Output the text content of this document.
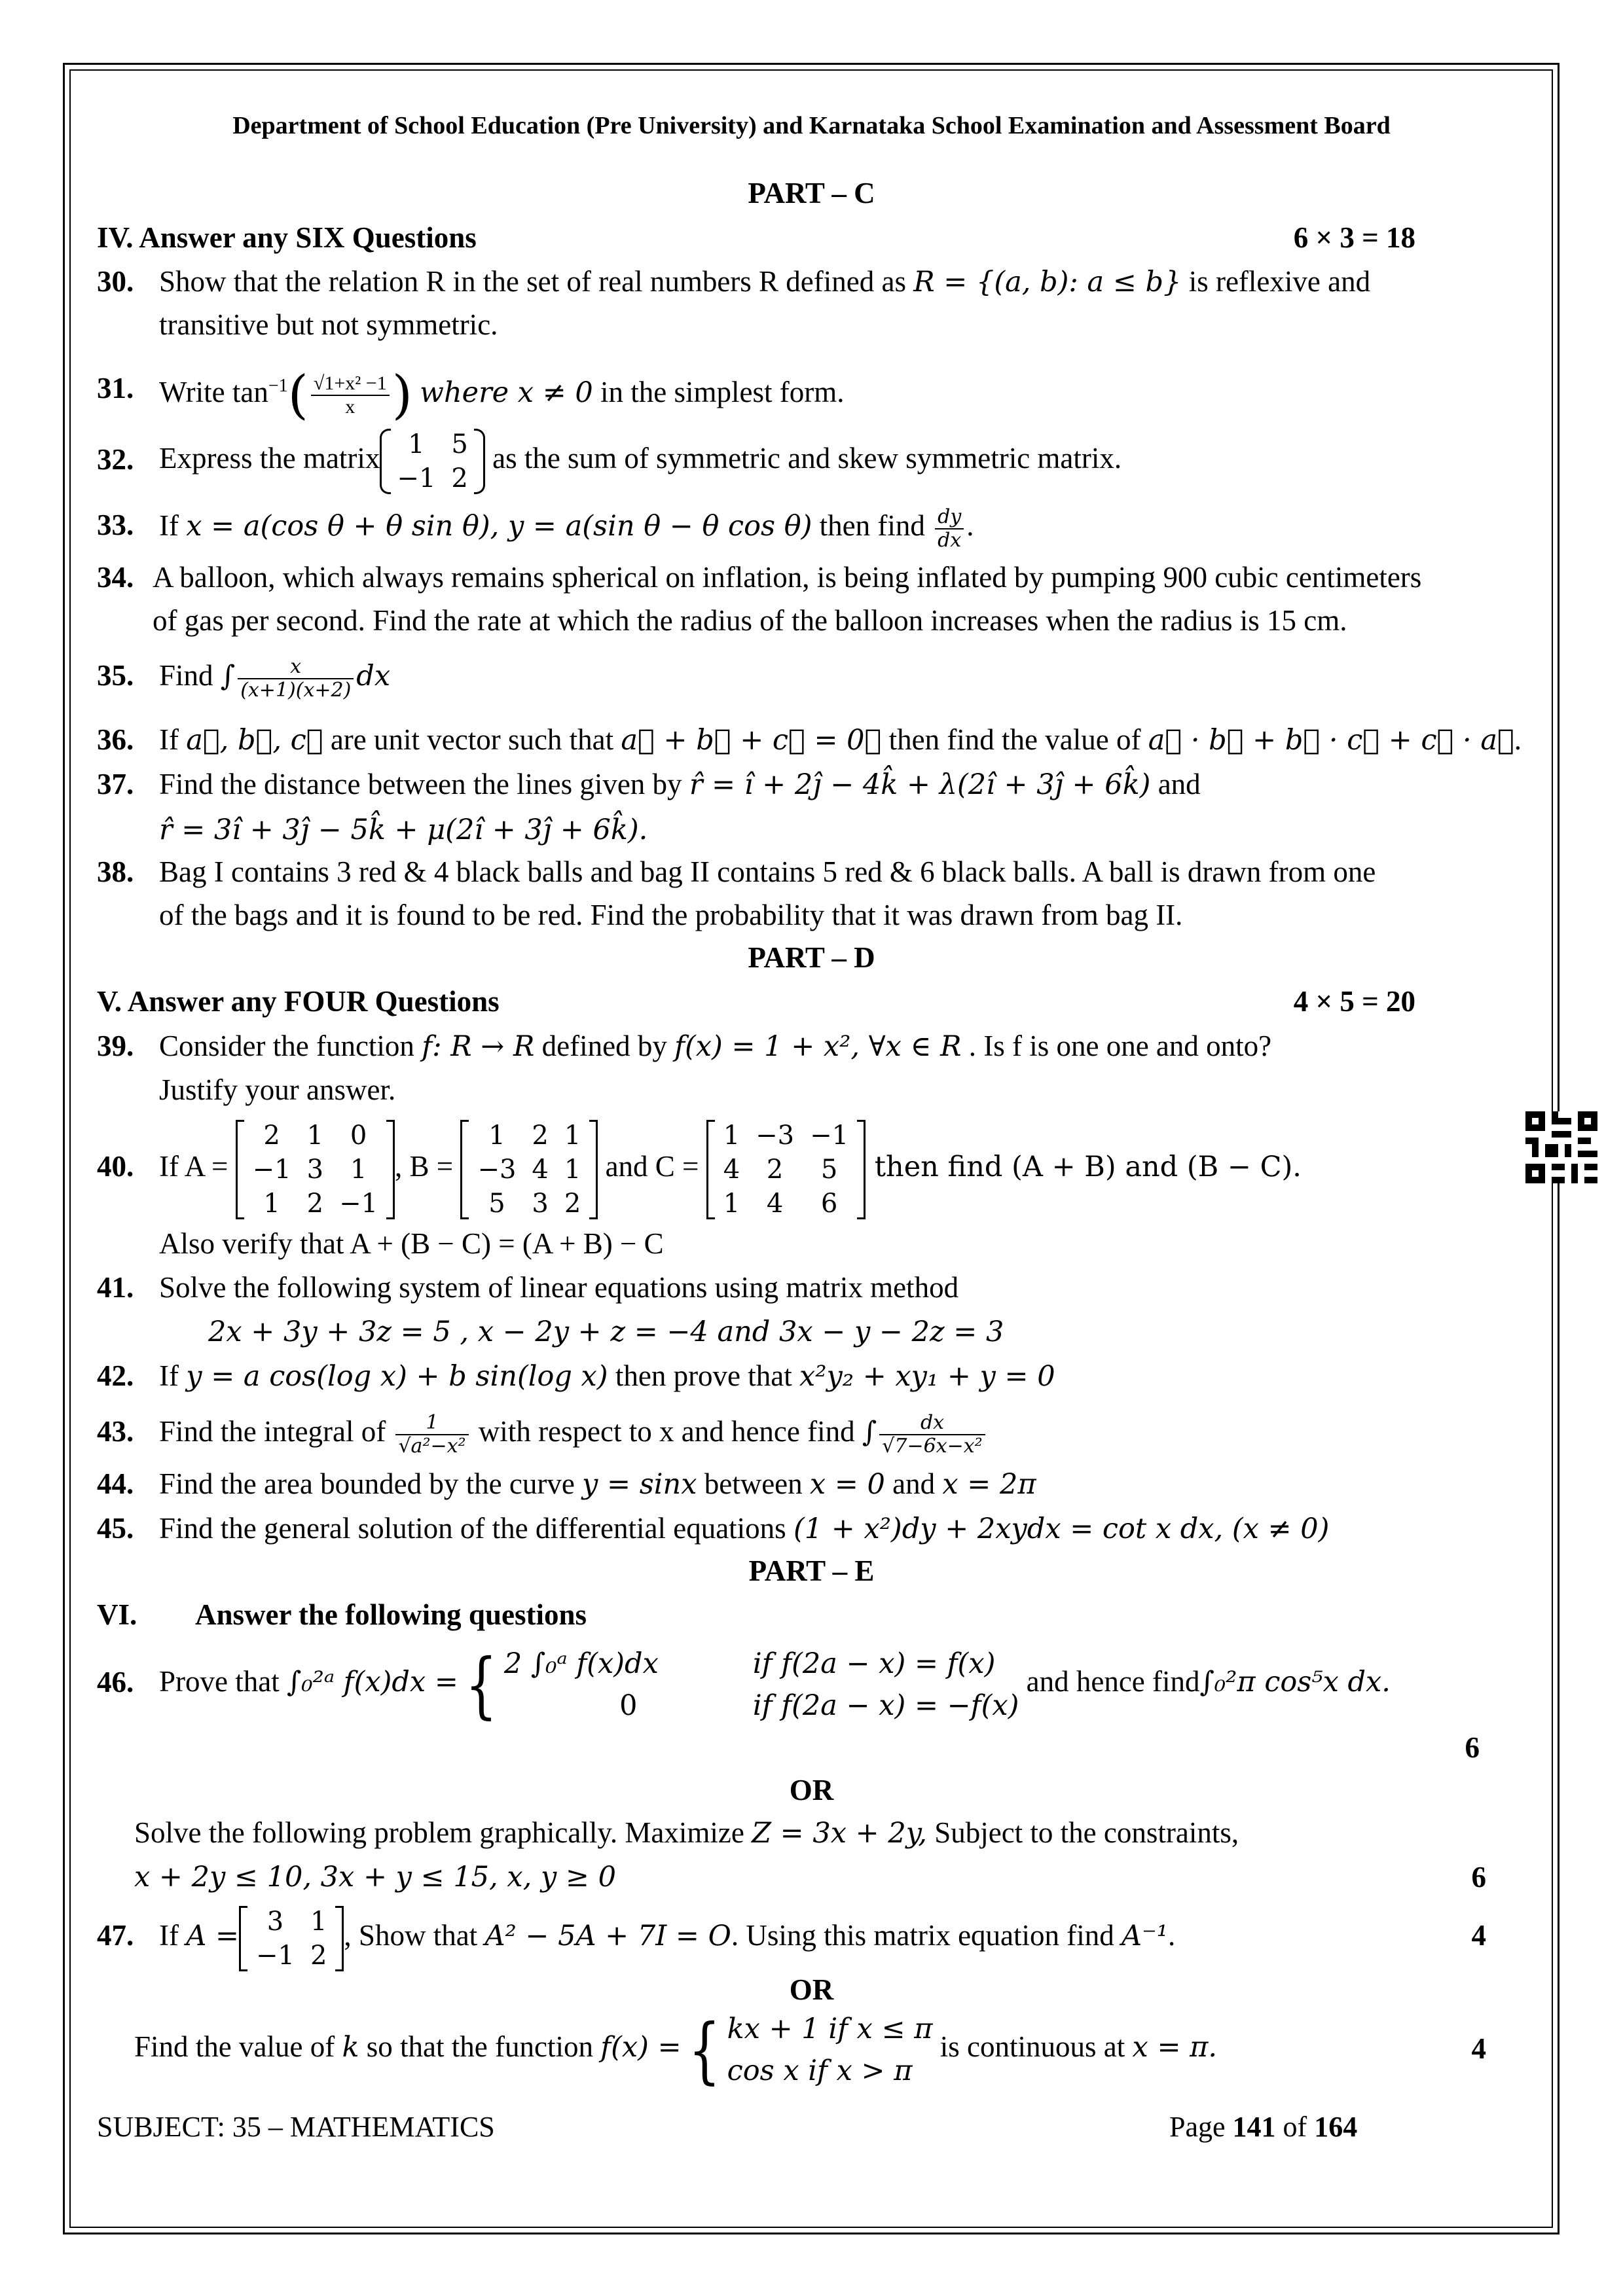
Department of School Education (Pre University) and Karnataka School Examination and Assessment Board
PART – C
IV. Answer any SIX Questions	6 × 3 = 18
30. Show that the relation R in the set of real numbers R defined as R = {(a, b): a ≤ b} is reflexive and
transitive but not symmetric.
31. Write $\tan^{-1}( \frac{\text{√1+x² −1}}{x}$ ) where x ≠ 0 in the simplest form.
32. Express the matrix 1	5
−1	2
as the sum of symmetric and skew symmetric matrix.
33. If x = a(cos θ + θ sin θ), y = a(sin θ − θ cos θ) then find $\frac{dy}{dx}$ .
34. A balloon, which always remains spherical on inflation, is being inflated by pumping 900 cubic centimeters
of gas per second. Find the rate at which the radius of the balloon increases when the radius is 15 cm.
35. Find ∫ $\frac{x}{(x+1)(x+2)}$ dx
36. If a⃗, b⃗, c⃗ are unit vector such that a⃗ + b⃗ + c⃗ = 0⃗ then find the value of a⃗ · b⃗ + b⃗ · c⃗ + c⃗ · a⃗.
37. Find the distance between the lines given by r̂ = î + 2ĵ − 4k̂ + λ(2î + 3ĵ + 6k̂) and
r̂ = 3î + 3ĵ − 5k̂ + μ(2î + 3ĵ + 6k̂).
38. Bag I contains 3 red & 4 black balls and bag II contains 5 red & 6 black balls. A ball is drawn from one
of the bags and it is found to be red. Find the probability that it was drawn from bag II.
PART – D
V. Answer any FOUR Questions	4 × 5 = 20
39. Consider the function f: R → R defined by f(x) = 1 + x², ∀x ∈ R . Is f is one one and onto?
Justify your answer.
40. If A =
2	1	0
−1	3	1
1	2	−1
, B =
1	2	1
−3	4	1
5	3	2
and C =
1	−3	−1
4	2	5
1	4	6
then find (A + B) and (B − C).
Also verify that A + (B − C) = (A + B) − C
41. Solve the following system of linear equations using matrix method
2x + 3y + 3z = 5 , x − 2y + z = −4 and 3x − y − 2z = 3
42. If y = a cos(log x) + b sin(log x) then prove that x²y₂ + xy₁ + y = 0
43. Find the integral of $\frac{1}{\text{√a²−x²}}$ with respect to x and hence find ∫ $\frac{dx}{\text{√7−6x−x²}}$
44. Find the area bounded by the curve y = sinx between x = 0 and x = 2π
45. Find the general solution of the differential equations (1 + x²)dy + 2xydx = cot x dx, (x ≠ 0)
PART – E
VI. Answer the following questions
46. Prove that ∫₀²ᵃ f(x)dx ={ 2 ∫₀ᵃ f(x)dx	if f(2a − x) = f(x)
0	if f(2a − x) = −f(x) and hence find∫₀²π cos⁵x dx.
6
OR
Solve the following problem graphically. Maximize Z = 3x + 2y, Subject to the constraints,
x + 2y ≤ 10, 3x + y ≤ 15, x, y ≥ 0	6
47. If A = 3	1
−1	2
, Show that A² − 5A + 7I = O. Using this matrix equation find A⁻¹.	4
OR
Find the value of k so that the function f(x) ={ kx + 1 if x ≤ π
cos x if x > π is continuous at x = π.	4
SUBJECT: 35 – MATHEMATICS	Page 141 of 164
